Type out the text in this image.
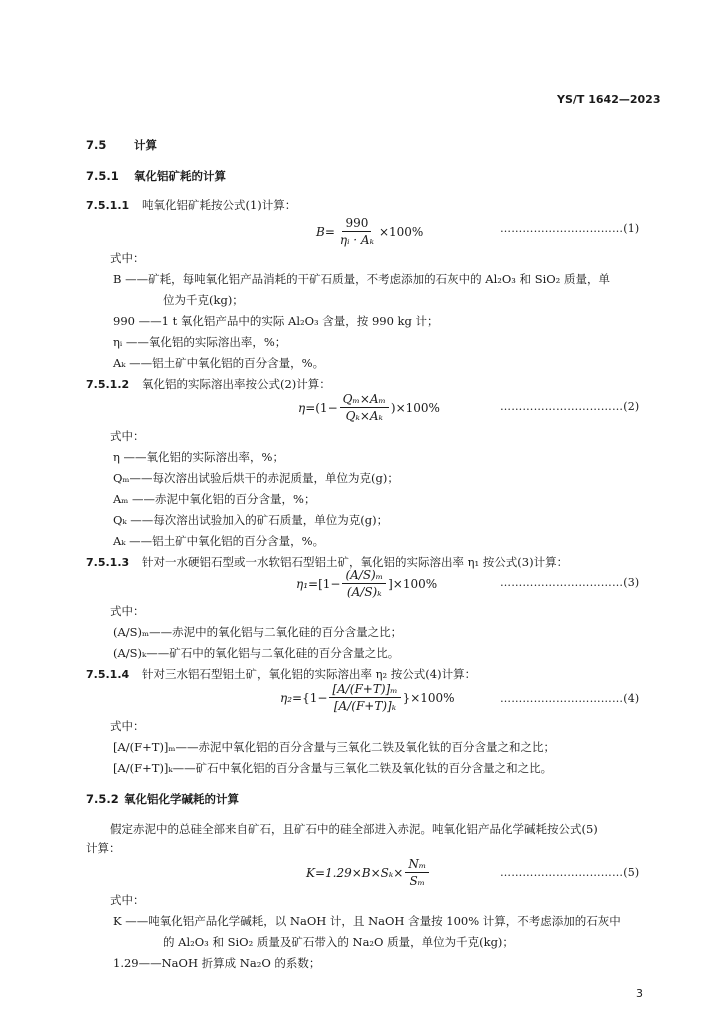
YS/T 1642—2023
7.5 计算
7.5.1 氧化铝矿耗的计算
7.5.1.1 吨氧化铝矿耗按公式(1)计算：
$B= \frac{990}{\text{ηᵢ · Aₖ}} \times 100\%$	……………………………(1)
式中：
B ——矿耗，每吨氧化铝产品消耗的干矿石质量，不考虑添加的石灰中的 Al₂O₃ 和 SiO₂ 质量，单
位为千克(kg)；
990 ——1 t 氧化铝产品中的实际 Al₂O₃ 含量，按 990 kg 计；
ηᵢ ——氧化铝的实际溶出率，%；
Aₖ ——铝土矿中氧化铝的百分含量，%。
7.5.1.2 氧化铝的实际溶出率按公式(2)计算：
$\eta= (1- \frac{\text{Qₘ×Aₘ}}{\text{Qₖ×Aₖ}} )\times 100\%$	……………………………(2)
式中：
η ——氧化铝的实际溶出率，%；
Qₘ——每次溶出试验后烘干的赤泥质量，单位为克(g)；
Aₘ ——赤泥中氧化铝的百分含量，%；
Qₖ ——每次溶出试验加入的矿石质量，单位为克(g)；
Aₖ ——铝土矿中氧化铝的百分含量，%。
7.5.1.3 针对一水硬铝石型或一水软铝石型铝土矿，氧化铝的实际溶出率 η₁ 按公式(3)计算：
$\eta_1= [1- \frac{\text{(A/S)ₘ}}{\text{(A/S)ₖ}} ]\times 100\%$	……………………………(3)
式中：
(A/S)ₘ——赤泥中的氧化铝与二氧化硅的百分含量之比；
(A/S)ₖ——矿石中的氧化铝与二氧化硅的百分含量之比。
7.5.1.4 针对三水铝石型铝土矿，氧化铝的实际溶出率 η₂ 按公式(4)计算：
$\eta_2= \{1- \frac{\text{[A/(F+T)]ₘ}}{\text{[A/(F+T)]ₖ}} \}\times 100\%$	……………………………(4)
式中：
[A/(F+T)]ₘ——赤泥中氧化铝的百分含量与三氧化二铁及氧化钛的百分含量之和之比；
[A/(F+T)]ₖ——矿石中氧化铝的百分含量与三氧化二铁及氧化钛的百分含量之和之比。
7.5.2 氧化铝化学碱耗的计算
假定赤泥中的总硅全部来自矿石，且矿石中的硅全部进入赤泥。吨氧化铝产品化学碱耗按公式(5)
计算：
$K=1.29\times B\times S_k\times \frac{\text{Nₘ}}{\text{Sₘ}}$	……………………………(5)
式中：
K ——吨氧化铝产品化学碱耗，以 NaOH 计，且 NaOH 含量按 100% 计算，不考虑添加的石灰中
的 Al₂O₃ 和 SiO₂ 质量及矿石带入的 Na₂O 质量，单位为千克(kg)；
1.29——NaOH 折算成 Na₂O 的系数；
3
